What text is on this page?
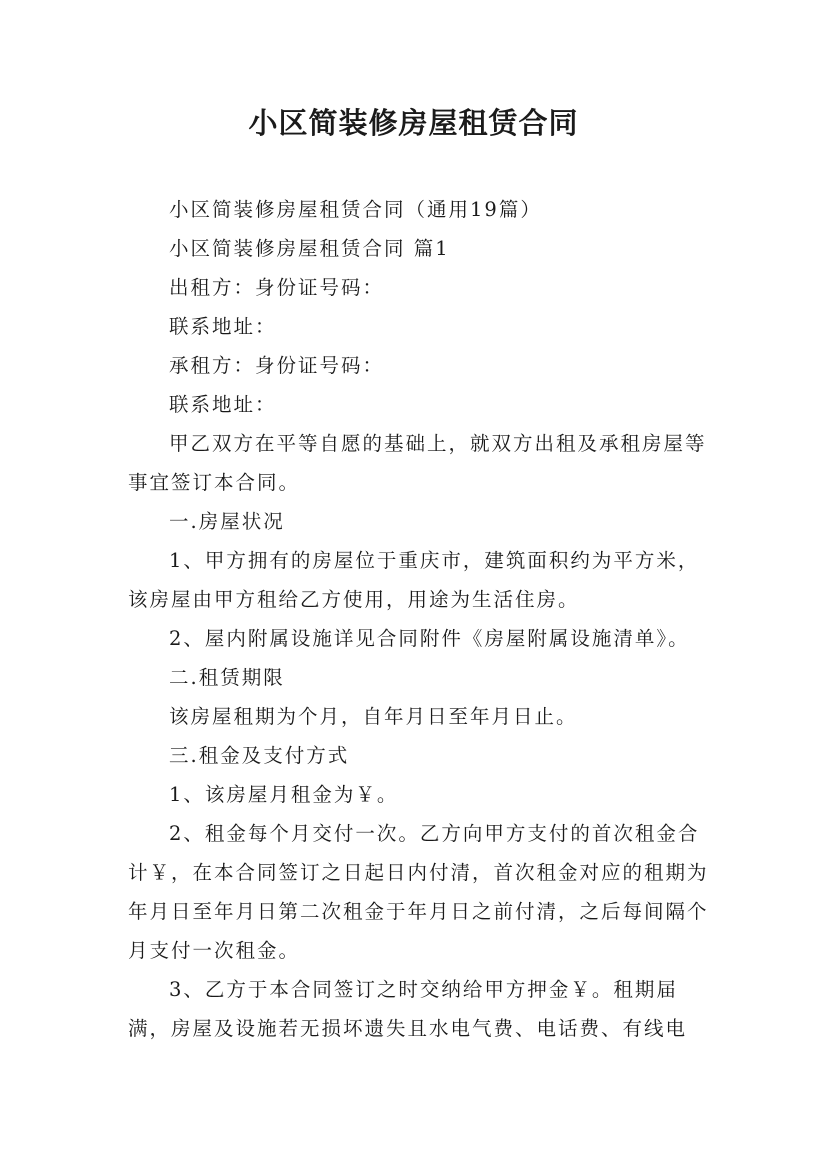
小区简装修房屋租赁合同

小区简装修房屋租赁合同（通用19篇）

小区简装修房屋租赁合同 篇1

出租方：身份证号码：

联系地址：

承租方：身份证号码：

联系地址：

甲乙双方在平等自愿的基础上，就双方出租及承租房屋等事宜签订本合同。

一.房屋状况

1、甲方拥有的房屋位于重庆市，建筑面积约为平方米，该房屋由甲方租给乙方使用，用途为生活住房。

2、屋内附属设施详见合同附件《房屋附属设施清单》。

二.租赁期限

该房屋租期为个月，自年月日至年月日止。

三.租金及支付方式

1、该房屋月租金为￥。

2、租金每个月交付一次。乙方向甲方支付的首次租金合计￥，在本合同签订之日起日内付清，首次租金对应的租期为年月日至年月日第二次租金于年月日之前付清，之后每间隔个月支付一次租金。

3、乙方于本合同签订之时交纳给甲方押金￥。租期届满，房屋及设施若无损坏遗失且水电气费、电话费、有线电
